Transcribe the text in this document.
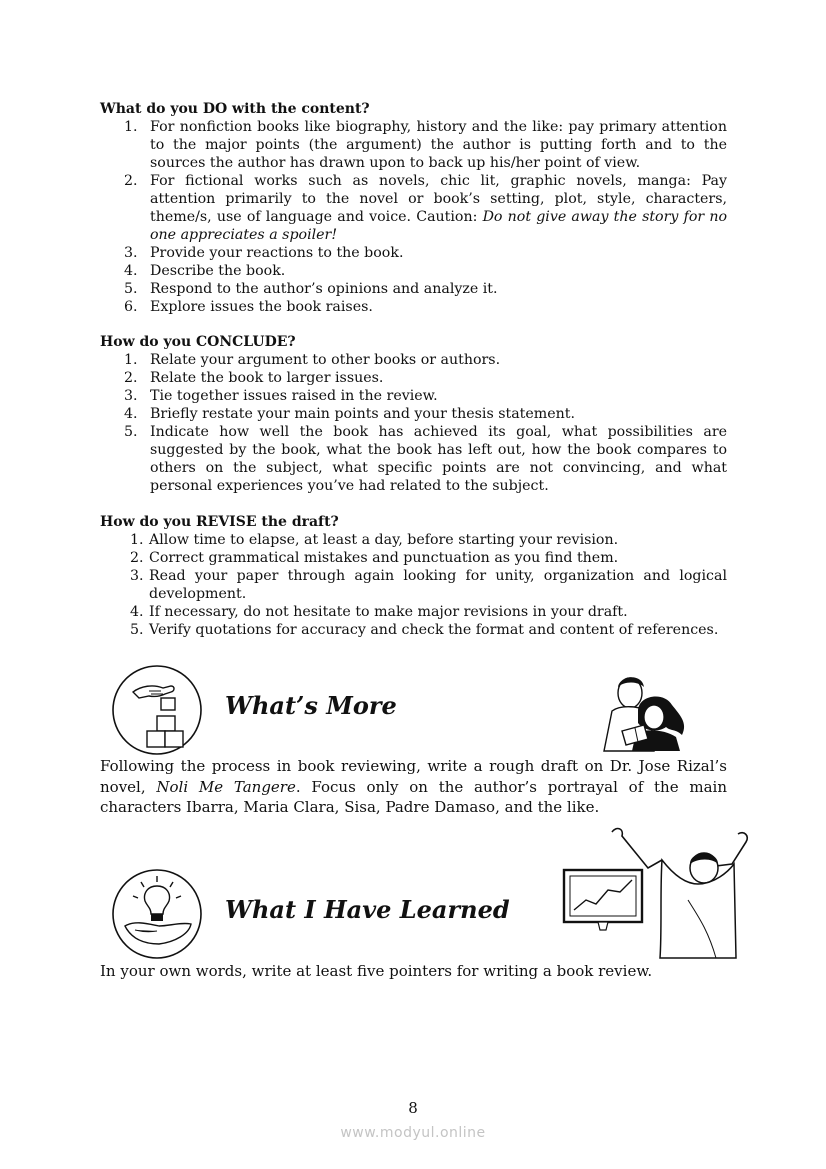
What do you DO with the content?

1. For nonfiction books like biography, history and the like: pay primary attention to the major points (the argument) the author is putting forth and to the sources the author has drawn upon to back up his/her point of view.
2. For fictional works such as novels, chic lit, graphic novels, manga: Pay attention primarily to the novel or book’s setting, plot, style, characters, theme/s, use of language and voice. Caution: Do not give away the story for no one appreciates a spoiler!
3. Provide your reactions to the book.
4. Describe the book.
5. Respond to the author’s opinions and analyze it.
6. Explore issues the book raises.

How do you CONCLUDE?

1. Relate your argument to other books or authors.
2. Relate the book to larger issues.
3. Tie together issues raised in the review.
4. Briefly restate your main points and your thesis statement.
5. Indicate how well the book has achieved its goal, what possibilities are suggested by the book, what the book has left out, how the book compares to others on the subject, what specific points are not convincing, and what personal experiences you’ve had related to the subject.

How do you REVISE the draft?

1. Allow time to elapse, at least a day, before starting your revision.
2. Correct grammatical mistakes and punctuation as you find them.
3. Read your paper through again looking for unity, organization and logical development.
4. If necessary, do not hesitate to make major revisions in your draft.
5. Verify quotations for accuracy and check the format and content of references.
What’s More

Following the process in book reviewing, write a rough draft on Dr. Jose Rizal’s novel, Noli Me Tangere. Focus only on the author’s portrayal of the main characters Ibarra, Maria Clara, Sisa, Padre Damaso, and the like.

What I Have Learned

In your own words, write at least five pointers for writing a book review.

8
www.modyul.online
